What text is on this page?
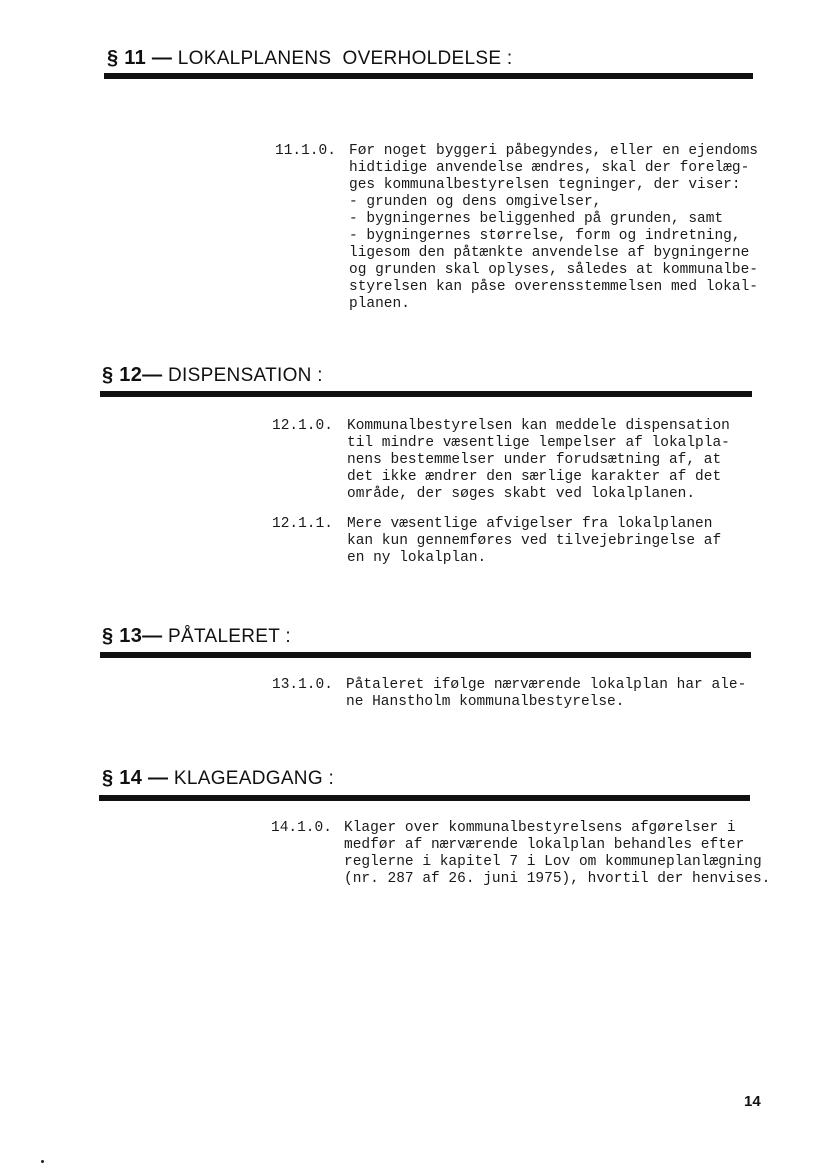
§ 11 — LOKALPLANENS  OVERHOLDELSE :
11.1.0. Før noget byggeri påbegyndes, eller en ejendoms
hidtidige anvendelse ændres, skal der forelæg-
ges kommunalbestyrelsen tegninger, der viser:
- grunden og dens omgivelser,
- bygningernes beliggenhed på grunden, samt
- bygningernes størrelse, form og indretning,
ligesom den påtænkte anvendelse af bygningerne
og grunden skal oplyses, således at kommunalbe-
styrelsen kan påse overensstemmelsen med lokal-
planen.
§ 12— DISPENSATION :
12.1.0. Kommunalbestyrelsen kan meddele dispensation
til mindre væsentlige lempelser af lokalpla-
nens bestemmelser under forudsætning af, at
det ikke ændrer den særlige karakter af det
område, der søges skabt ved lokalplanen.
12.1.1. Mere væsentlige afvigelser fra lokalplanen
kan kun gennemføres ved tilvejebringelse af
en ny lokalplan.
§ 13— PÅTALERET :
13.1.0. Påtaleret ifølge nærværende lokalplan har ale-
ne Hanstholm kommunalbestyrelse.
§ 14 — KLAGEADGANG :
14.1.0. Klager over kommunalbestyrelsens afgørelser i
medfør af nærværende lokalplan behandles efter
reglerne i kapitel 7 i Lov om kommuneplanlægning
(nr. 287 af 26. juni 1975), hvortil der henvises.
14
